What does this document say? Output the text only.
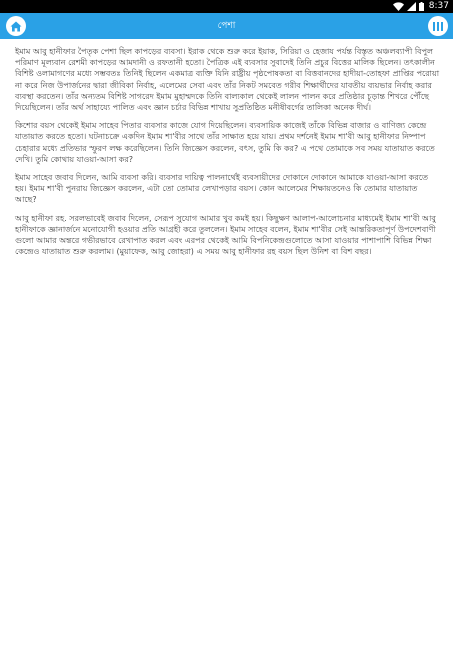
8:37
পেশা

ইমাম আবু হানীফার পৈতৃক পেশা ছিল কাপড়ের ব্যবসা। ইরাক থেকে শুরু করে ইয়াক, সিরিয়া ও হেজায পর্যন্ত বিস্তৃত অঞ্চলব্যাপী বিপুল পরিমাণ মূল্যবান রেশমী কাপড়ের আমদানী ও রফতানী হতো। পৈত্রিক এই ব্যবসার সুবাদেই তিনি প্রচুর বিত্তের মালিক ছিলেন। তৎকালীন বিশিষ্ট ওলামাগণের মধ্যে সম্ভবতঃ তিনিই ছিলেন একমাত্র ব্যক্তি যিনি রাষ্ট্রীয় পৃষ্ঠপোষকতা বা বিত্তবানদের হাদীয়া-তোহফা প্রাপ্তির পরোয়া না করে নিজ উপার্জনের দ্বারা জীবিকা নির্বাহ, এলেমের সেবা এবং তাঁর নিকট সমবেত গরীব শিক্ষার্থীদের যাবতীয় ব্যয়ভার নির্বাহ করার ব্যবস্থা করতেন। তাঁর অন্যতম বিশিষ্ট সাগরেদ ইমাম মুহাম্মদকে তিনি বাল্যকাল থেকেই লালন পালন করে প্রতিষ্ঠার চূড়ান্ত শিখরে পৌঁছে দিয়েছিলেন। তাঁর অর্থ সাহায্যে পালিত এবং জ্ঞান চর্চার বিভিন্ন শাখায় সুপ্রতিষ্ঠিত মনীষীবর্গের তালিকা অনেক দীর্ঘ।

কিশোর বয়স থেকেই ইমাম সাহেব পিতার ব্যবসার কাজে যোগ দিয়েছিলেন। ব্যবসায়িক কাজেই তাঁকে বিভিন্ন বাজার ও বাণিজ্য কেন্দ্রে যাতায়াত করতে হতো। ঘটনাচক্রে একদিন ইমাম শা'বীর সাথে তাঁর সাক্ষাত হয়ে যায়। প্রথম দর্শনেই ইমাম শা'বী আবু হানীফার নিষ্পাপ চেহারার মধ্যে প্রতিভার স্ফুরণ লক্ষ করেছিলেন। তিনি জিজ্ঞেস করলেন, বৎস, তুমি কি কর? এ পথে তোমাকে সব সময় যাতায়াত করতে দেখি। তুমি কোথায় যাওয়া-আসা কর?

ইমাম সাহেব জবাব দিলেন, আমি ব্যবসা করি। ব্যবসার দায়িত্ব পালনার্থেই ব্যবসায়ীদের দোকানে দোকানে আমাকে যাওয়া-আসা করতে হয়। ইমাম শা'বী পুনরায় জিজ্ঞেস করলেন, এটা তো তোমার লেখাপড়ার বয়স। কোন আলেমের শিক্ষায়তনেও কি তোমার যাতায়াত আছে?

আবু হানীফা রহ. সরলভাবেই জবাব দিলেন, সেরূপ সুযোগ আমার খুব কমই হয়। কিছুক্ষণ আলাপ-আলোচনার মাধ্যমেই ইমাম শা'বী আবু হানীফাকে জ্ঞানার্জনে মনোযোগী হওয়ার প্রতি আগ্রহী করে তুললেন। ইমাম সাহেব বলেন, ইমাম শা'বীর সেই আন্তরিকতাপূর্ণ উপদেশবাণী গুলো আমার অন্তরে গভীরভাবে রেখাপাত করল এবং এরপর থেকেই আমি বিপনিকেন্দ্রগুলোতে আসা যাওয়ার পাশাপাশি বিভিন্ন শিক্ষা কেন্দ্রেও যাতায়াত শুরু করলাম। (মুয়াফেক, আবু জোহরা) এ সময় আবু হানীফার রহ বয়স ছিল উনিশ বা বিশ বছর।
